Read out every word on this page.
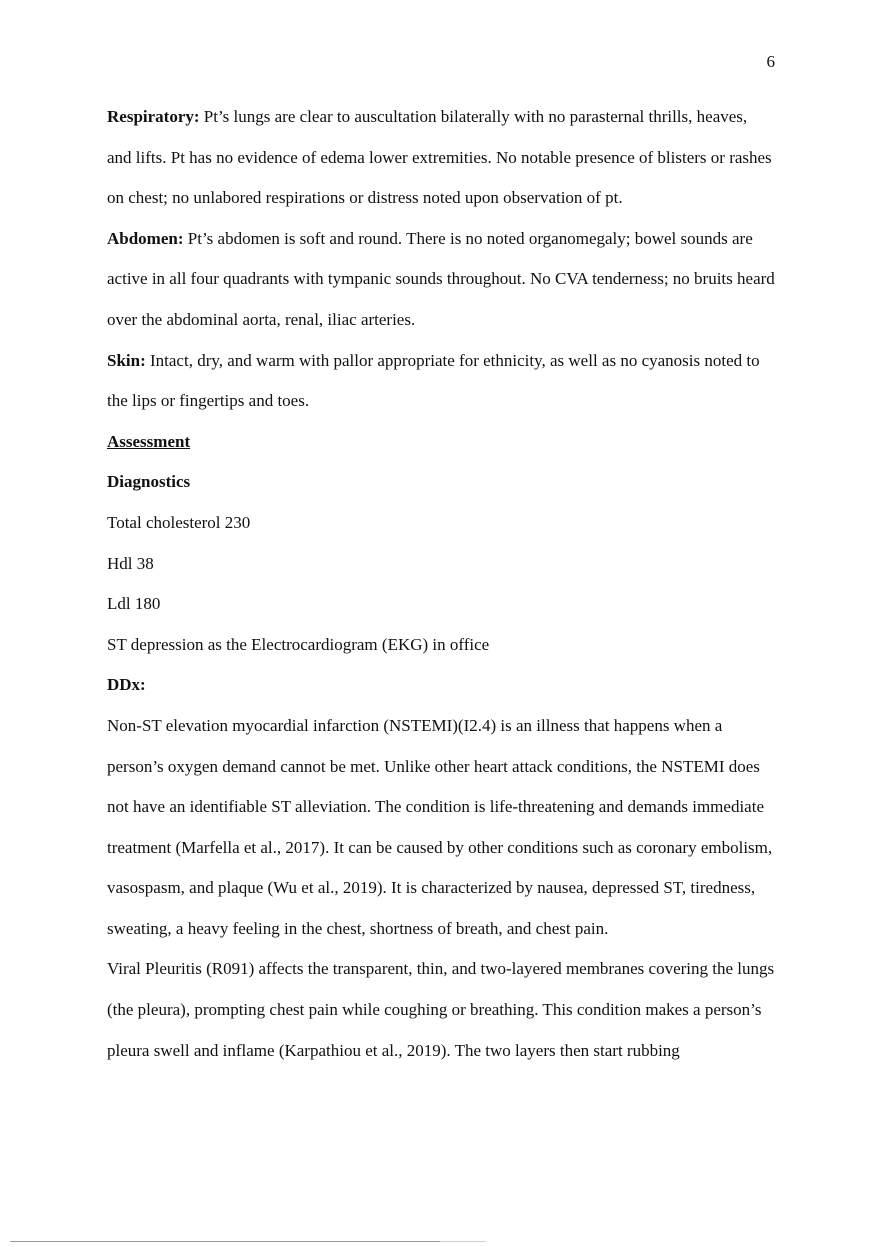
6

Respiratory: Pt’s lungs are clear to auscultation bilaterally with no parasternal thrills, heaves, and lifts. Pt has no evidence of edema lower extremities. No notable presence of blisters or rashes on chest; no unlabored respirations or distress noted upon observation of pt.

Abdomen: Pt’s abdomen is soft and round. There is no noted organomegaly; bowel sounds are active in all four quadrants with tympanic sounds throughout. No CVA tenderness; no bruits heard over the abdominal aorta, renal, iliac arteries.

Skin: Intact, dry, and warm with pallor appropriate for ethnicity, as well as no cyanosis noted to the lips or fingertips and toes.

Assessment

Diagnostics

Total cholesterol 230

Hdl 38

Ldl 180

ST depression as the Electrocardiogram (EKG) in office

DDx:

Non-ST elevation myocardial infarction (NSTEMI)(I2.4) is an illness that happens when a person’s oxygen demand cannot be met. Unlike other heart attack conditions, the NSTEMI does not have an identifiable ST alleviation. The condition is life-threatening and demands immediate treatment (Marfella et al., 2017). It can be caused by other conditions such as coronary embolism, vasospasm, and plaque (Wu et al., 2019). It is characterized by nausea, depressed ST, tiredness, sweating, a heavy feeling in the chest, shortness of breath, and chest pain.

Viral Pleuritis (R091) affects the transparent, thin, and two-layered membranes covering the lungs (the pleura), prompting chest pain while coughing or breathing. This condition makes a person’s pleura swell and inflame (Karpathiou et al., 2019). The two layers then start rubbing
